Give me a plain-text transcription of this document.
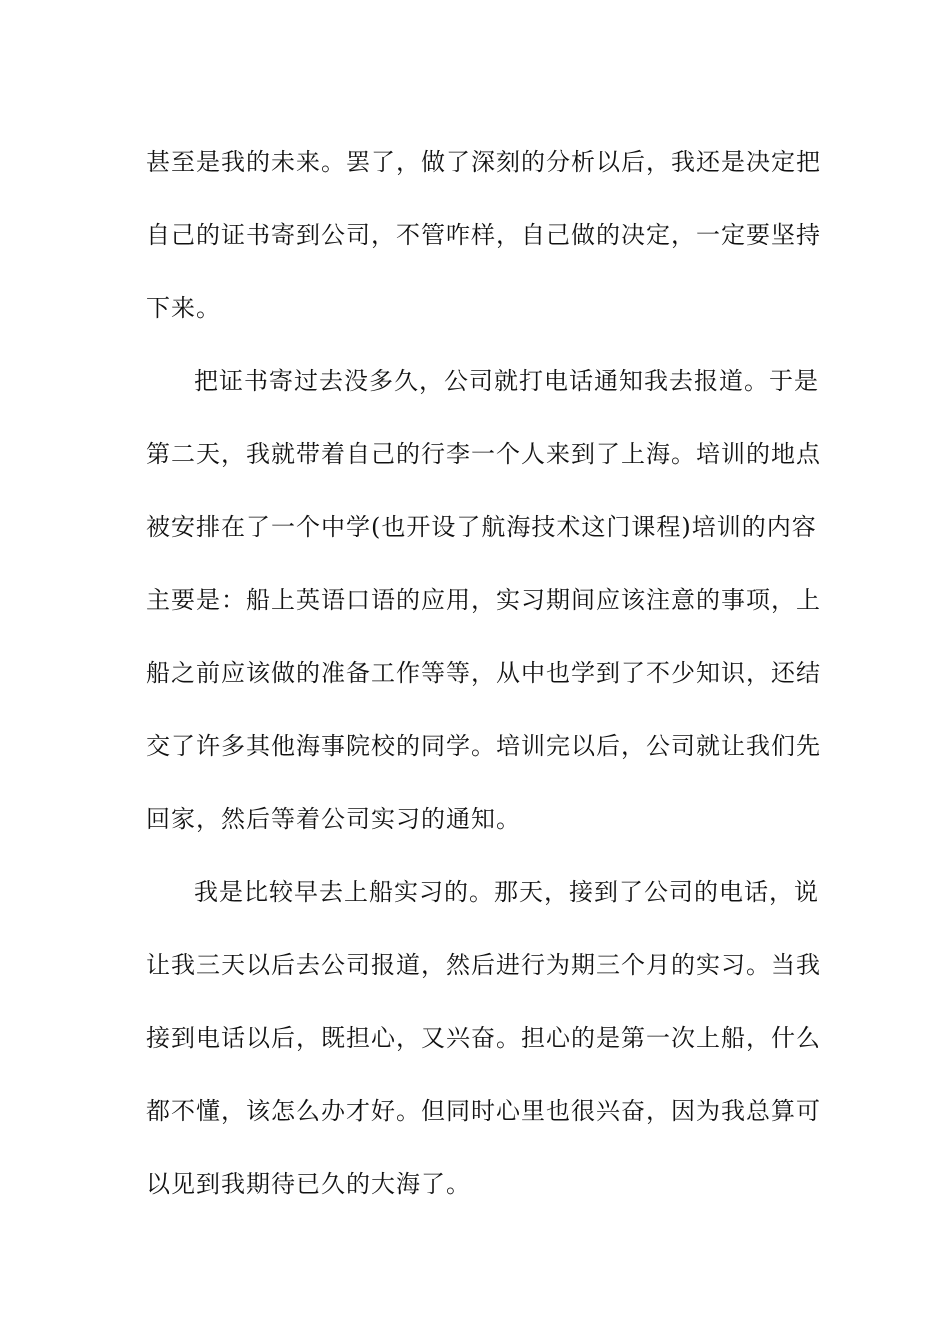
甚至是我的未来。罢了，做了深刻的分析以后，我还是决定把
自己的证书寄到公司，不管咋样，自己做的决定，一定要坚持
下来。
把证书寄过去没多久，公司就打电话通知我去报道。于是
第二天，我就带着自己的行李一个人来到了上海。培训的地点
被安排在了一个中学(也开设了航海技术这门课程)培训的内容
主要是：船上英语口语的应用，实习期间应该注意的事项，上
船之前应该做的准备工作等等，从中也学到了不少知识，还结
交了许多其他海事院校的同学。培训完以后，公司就让我们先
回家，然后等着公司实习的通知。
我是比较早去上船实习的。那天，接到了公司的电话，说
让我三天以后去公司报道，然后进行为期三个月的实习。当我
接到电话以后，既担心，又兴奋。担心的是第一次上船，什么
都不懂，该怎么办才好。但同时心里也很兴奋，因为我总算可
以见到我期待已久的大海了。
